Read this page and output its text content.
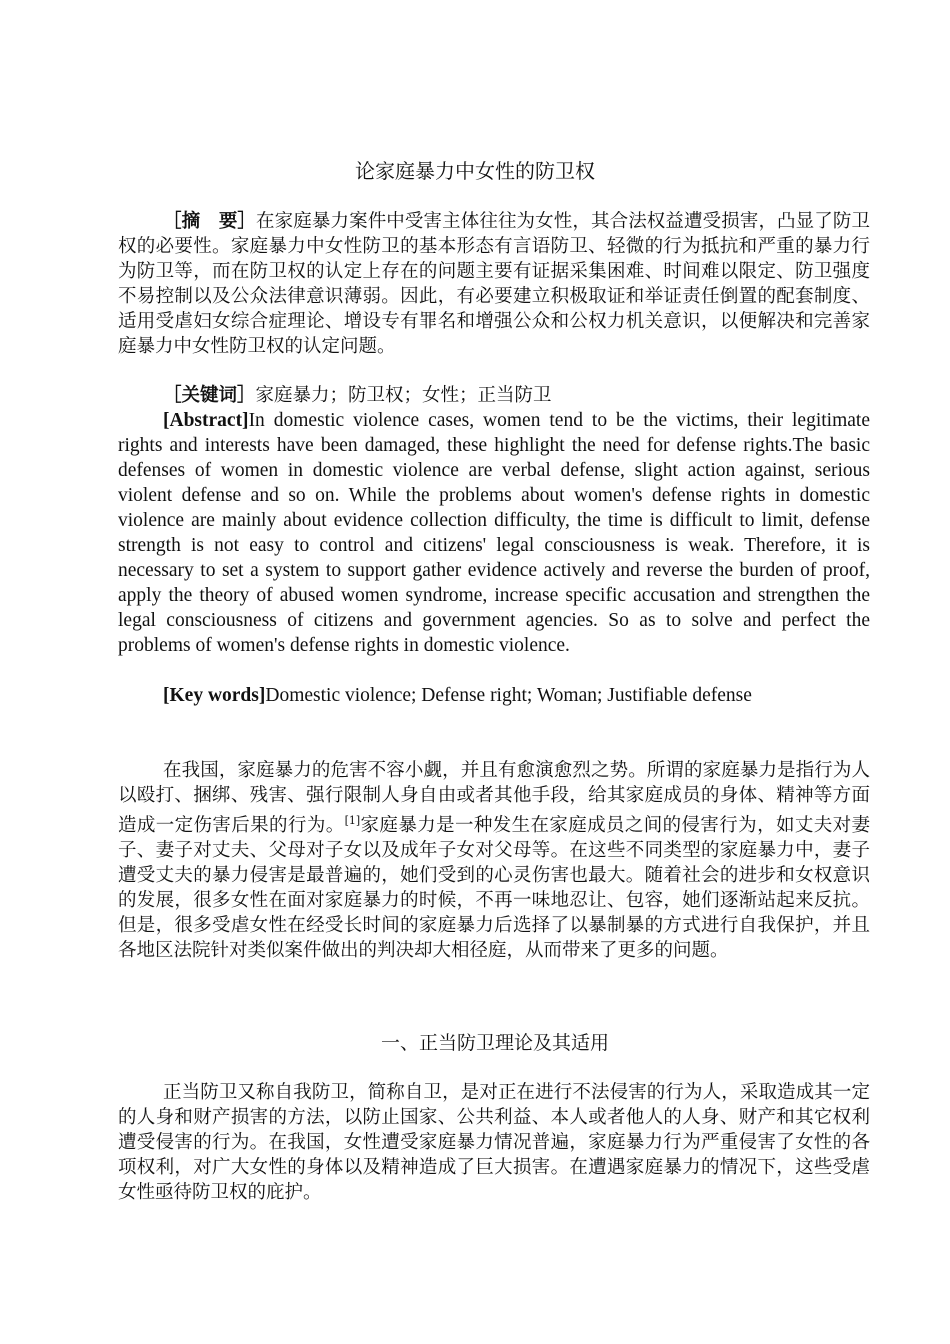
论家庭暴力中女性的防卫权
［摘　要］在家庭暴力案件中受害主体往往为女性，其合法权益遭受损害，凸显了防卫权的必要性。家庭暴力中女性防卫的基本形态有言语防卫、轻微的行为抵抗和严重的暴力行为防卫等，而在防卫权的认定上存在的问题主要有证据采集困难、时间难以限定、防卫强度不易控制以及公众法律意识薄弱。因此，有必要建立积极取证和举证责任倒置的配套制度、适用受虐妇女综合症理论、增设专有罪名和增强公众和公权力机关意识，以便解决和完善家庭暴力中女性防卫权的认定问题。
［关键词］家庭暴力；防卫权；女性；正当防卫
[Abstract]In domestic violence cases, women tend to be the victims, their legitimate rights and interests have been damaged, these highlight the need for defense rights.The basic defenses of women in domestic violence are verbal defense, slight action against, serious violent defense and so on. While the problems about women's defense rights in domestic violence are mainly about evidence collection difficulty, the time is difficult to limit, defense strength is not easy to control and citizens' legal consciousness is weak. Therefore, it is necessary to set a system to support gather evidence actively and reverse the burden of proof, apply the theory of abused women syndrome, increase specific accusation and strengthen the legal consciousness of citizens and government agencies. So as to solve and perfect the problems of women's defense rights in domestic violence.
[Key words]Domestic violence; Defense right; Woman; Justifiable defense
在我国，家庭暴力的危害不容小觑，并且有愈演愈烈之势。所谓的家庭暴力是指行为人以殴打、捆绑、残害、强行限制人身自由或者其他手段，给其家庭成员的身体、精神等方面造成一定伤害后果的行为。[1]家庭暴力是一种发生在家庭成员之间的侵害行为，如丈夫对妻子、妻子对丈夫、父母对子女以及成年子女对父母等。在这些不同类型的家庭暴力中，妻子遭受丈夫的暴力侵害是最普遍的，她们受到的心灵伤害也最大。随着社会的进步和女权意识的发展，很多女性在面对家庭暴力的时候，不再一味地忍让、包容，她们逐渐站起来反抗。但是，很多受虐女性在经受长时间的家庭暴力后选择了以暴制暴的方式进行自我保护，并且各地区法院针对类似案件做出的判决却大相径庭，从而带来了更多的问题。
一、正当防卫理论及其适用
正当防卫又称自我防卫，简称自卫，是对正在进行不法侵害的行为人，采取造成其一定的人身和财产损害的方法，以防止国家、公共利益、本人或者他人的人身、财产和其它权利遭受侵害的行为。在我国，女性遭受家庭暴力情况普遍，家庭暴力行为严重侵害了女性的各项权利，对广大女性的身体以及精神造成了巨大损害。在遭遇家庭暴力的情况下，这些受虐女性亟待防卫权的庇护。
